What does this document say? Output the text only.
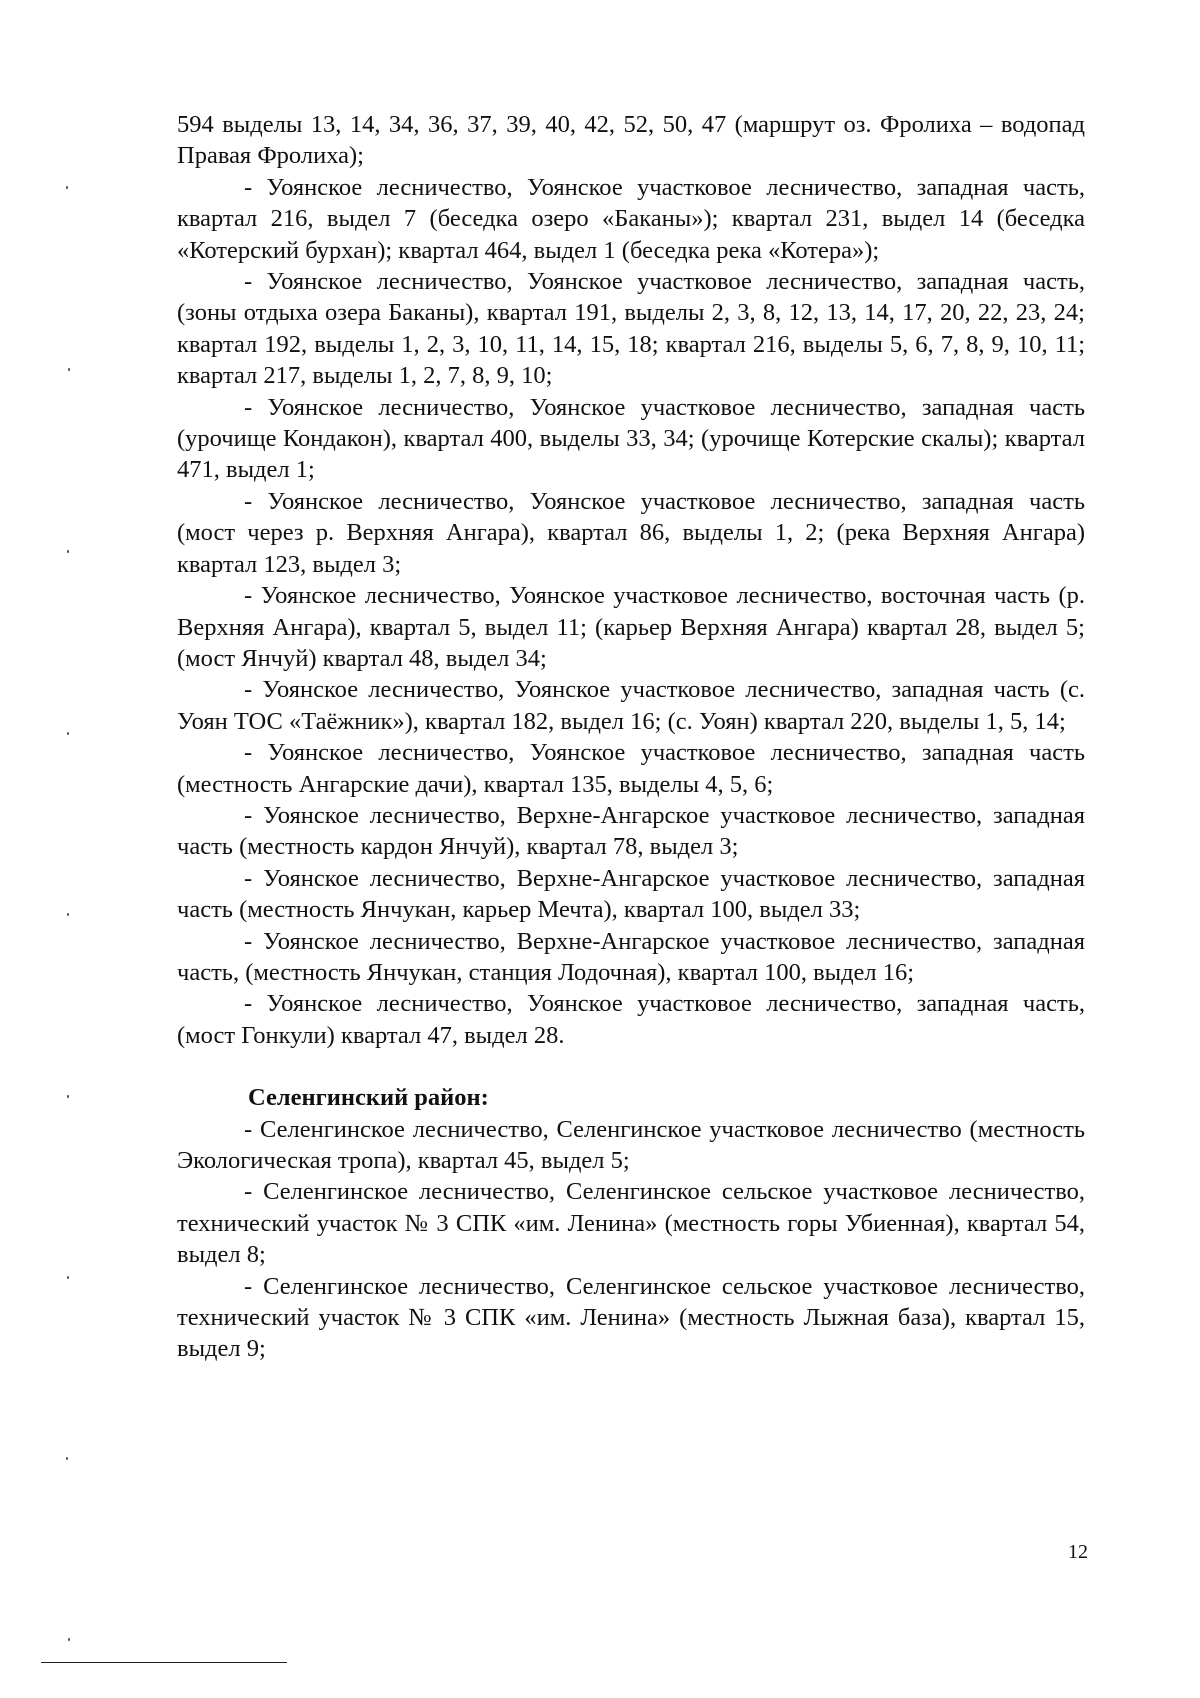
594 выделы 13, 14, 34, 36, 37, 39, 40, 42, 52, 50, 47 (маршрут оз. Фролиха – водопад Правая Фролиха);

- Уоянское лесничество, Уоянское участковое лесничество, западная часть, квартал 216, выдел 7 (беседка озеро «Баканы»); квартал 231, выдел 14 (беседка «Котерский бурхан); квартал 464, выдел 1 (беседка река «Котера»);

- Уоянское лесничество, Уоянское участковое лесничество, западная часть, (зоны отдыха озера Баканы), квартал 191, выделы 2, 3, 8, 12, 13, 14, 17, 20, 22, 23, 24; квартал 192, выделы 1, 2, 3, 10, 11, 14, 15, 18; квартал 216, выделы 5, 6, 7, 8, 9, 10, 11; квартал 217, выделы 1, 2, 7, 8, 9, 10;

- Уоянское лесничество, Уоянское участковое лесничество, западная часть (урочище Кондакон), квартал 400, выделы 33, 34; (урочище Котерские скалы); квартал 471, выдел 1;

- Уоянское лесничество, Уоянское участковое лесничество, западная часть (мост через р. Верхняя Ангара), квартал 86, выделы 1, 2; (река Верхняя Ангара) квартал 123, выдел 3;

- Уоянское лесничество, Уоянское участковое лесничество, восточная часть (р. Верхняя Ангара), квартал 5, выдел 11; (карьер Верхняя Ангара) квартал 28, выдел 5; (мост Янчуй) квартал 48, выдел 34;

- Уоянское лесничество, Уоянское участковое лесничество, западная часть (с. Уоян ТОС «Таёжник»), квартал 182, выдел 16; (с. Уоян) квартал 220, выделы 1, 5, 14;

- Уоянское лесничество, Уоянское участковое лесничество, западная часть (местность Ангарские дачи), квартал 135, выделы 4, 5, 6;

- Уоянское лесничество, Верхне-Ангарское участковое лесничество, западная часть (местность кардон Янчуй), квартал 78, выдел 3;

- Уоянское лесничество, Верхне-Ангарское участковое лесничество, западная часть (местность Янчукан, карьер Мечта), квартал 100, выдел 33;

- Уоянское лесничество, Верхне-Ангарское участковое лесничество, западная часть, (местность Янчукан, станция Лодочная), квартал 100, выдел 16;

- Уоянское лесничество, Уоянское участковое лесничество, западная часть, (мост Гонкули) квартал 47, выдел 28.

Селенгинский район:

- Селенгинское лесничество, Селенгинское участковое лесничество (местность Экологическая тропа), квартал 45, выдел 5;

- Селенгинское лесничество, Селенгинское сельское участковое лесничество, технический участок № 3 СПК «им. Ленина» (местность горы Убиенная), квартал 54, выдел 8;

- Селенгинское лесничество, Селенгинское сельское участковое лесничество, технический участок № 3 СПК «им. Ленина» (местность Лыжная база), квартал 15, выдел 9;

12
